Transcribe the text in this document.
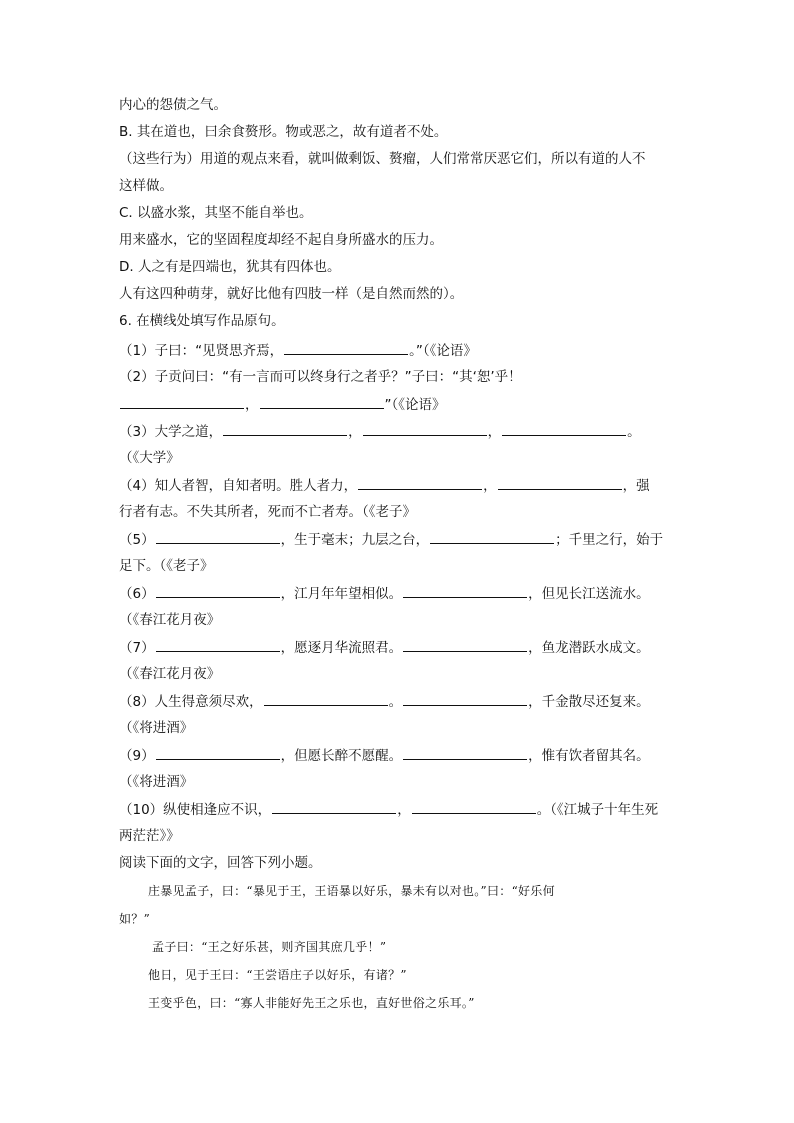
内心的怨债之气。
B. 其在道也，曰余食赘形。物或恶之，故有道者不处。
（这些行为）用道的观点来看，就叫做剩饭、赘瘤，人们常常厌恶它们，所以有道的人不
这样做。
C. 以盛水浆，其坚不能自举也。
用来盛水，它的坚固程度却经不起自身所盛水的压力。
D. 人之有是四端也，犹其有四体也。
人有这四种萌芽，就好比他有四肢一样（是自然而然的）。
6. 在横线处填写作品原句。
（1）子曰：“见贤思齐焉，	。”（《论语》
（2）子贡问曰：“有一言而可以终身行之者乎？”子曰：“其‘恕’乎！
，	”（《论语》
（3）大学之道，	，	，	。
（《大学》
（4）知人者智，自知者明。胜人者力，	，	，强
行者有志。不失其所者，死而不亡者寿。（《老子》
（5）	，生于毫末；九层之台，	；千里之行，始于
足下。（《老子》
（6）	，江月年年望相似。	，但见长江送流水。
（《春江花月夜》
（7）	，愿逐月华流照君。	，鱼龙潜跃水成文。
（《春江花月夜》
（8）人生得意须尽欢，	。	，千金散尽还复来。
（《将进酒》
（9）	，但愿长醉不愿醒。	，惟有饮者留其名。
（《将进酒》
（10）纵使相逢应不识，	，	。（《江城子十年生死
两茫茫》》
阅读下面的文字，回答下列小题。
庄暴见孟子，曰：“暴见于王，王语暴以好乐，暴未有以对也。”曰：“好乐何
如？”
孟子曰：“王之好乐甚，则齐国其庶几乎！”
他日，见于王曰：“王尝语庄子以好乐，有诸？”
王变乎色，曰：“寡人非能好先王之乐也，直好世俗之乐耳。”
